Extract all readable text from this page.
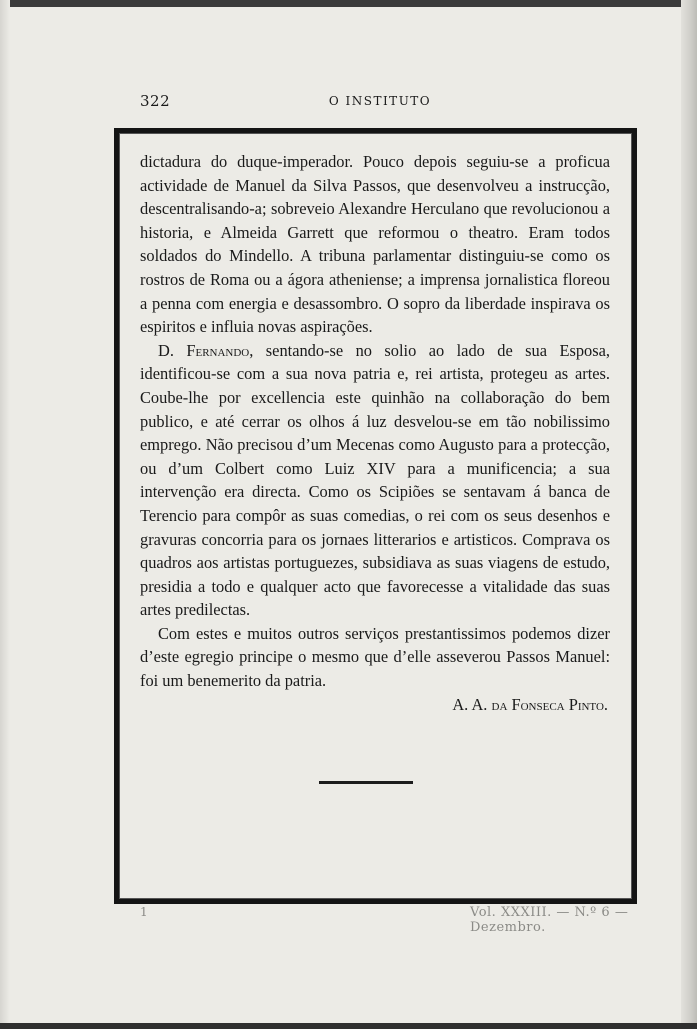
322	O INSTITUTO

dictadura do duque-imperador. Pouco depois seguiu-se a proficua actividade de Manuel da Silva Passos, que desenvolveu a instrucção, descentralisando-a; sobreveio Alexandre Herculano que revolucionou a historia, e Almeida Garrett que reformou o theatro. Eram todos soldados do Mindello. A tribuna parlamentar distinguiu-se como os rostros de Roma ou a ágora atheniense; a imprensa jornalistica floreou a penna com energia e desassombro. O sopro da liberdade inspirava os espiritos e influia novas aspirações.

D. Fernando, sentando-se no solio ao lado de sua Esposa, identificou-se com a sua nova patria e, rei artista, protegeu as artes. Coube-lhe por excellencia este quinhão na collaboração do bem publico, e até cerrar os olhos á luz desvelou-se em tão nobilissimo emprego. Não precisou d’um Mecenas como Augusto para a protecção, ou d’um Colbert como Luiz XIV para a munificencia; a sua intervenção era directa. Como os Scipiões se sentavam á banca de Terencio para compôr as suas comedias, o rei com os seus desenhos e gravuras concorria para os jornaes litterarios e artisticos. Comprava os quadros aos artistas portuguezes, subsidiava as suas viagens de estudo, presidia a todo e qualquer acto que favorecesse a vitalidade das suas artes predilectas.

Com estes e muitos outros serviços prestantissimos podemos dizer d’este egregio principe o mesmo que d’elle asseverou Passos Manuel: foi um benemerito da patria.

A. A. da Fonseca Pinto.

1	Vol. XXXIII. — N.º 6 — Dezembro.
